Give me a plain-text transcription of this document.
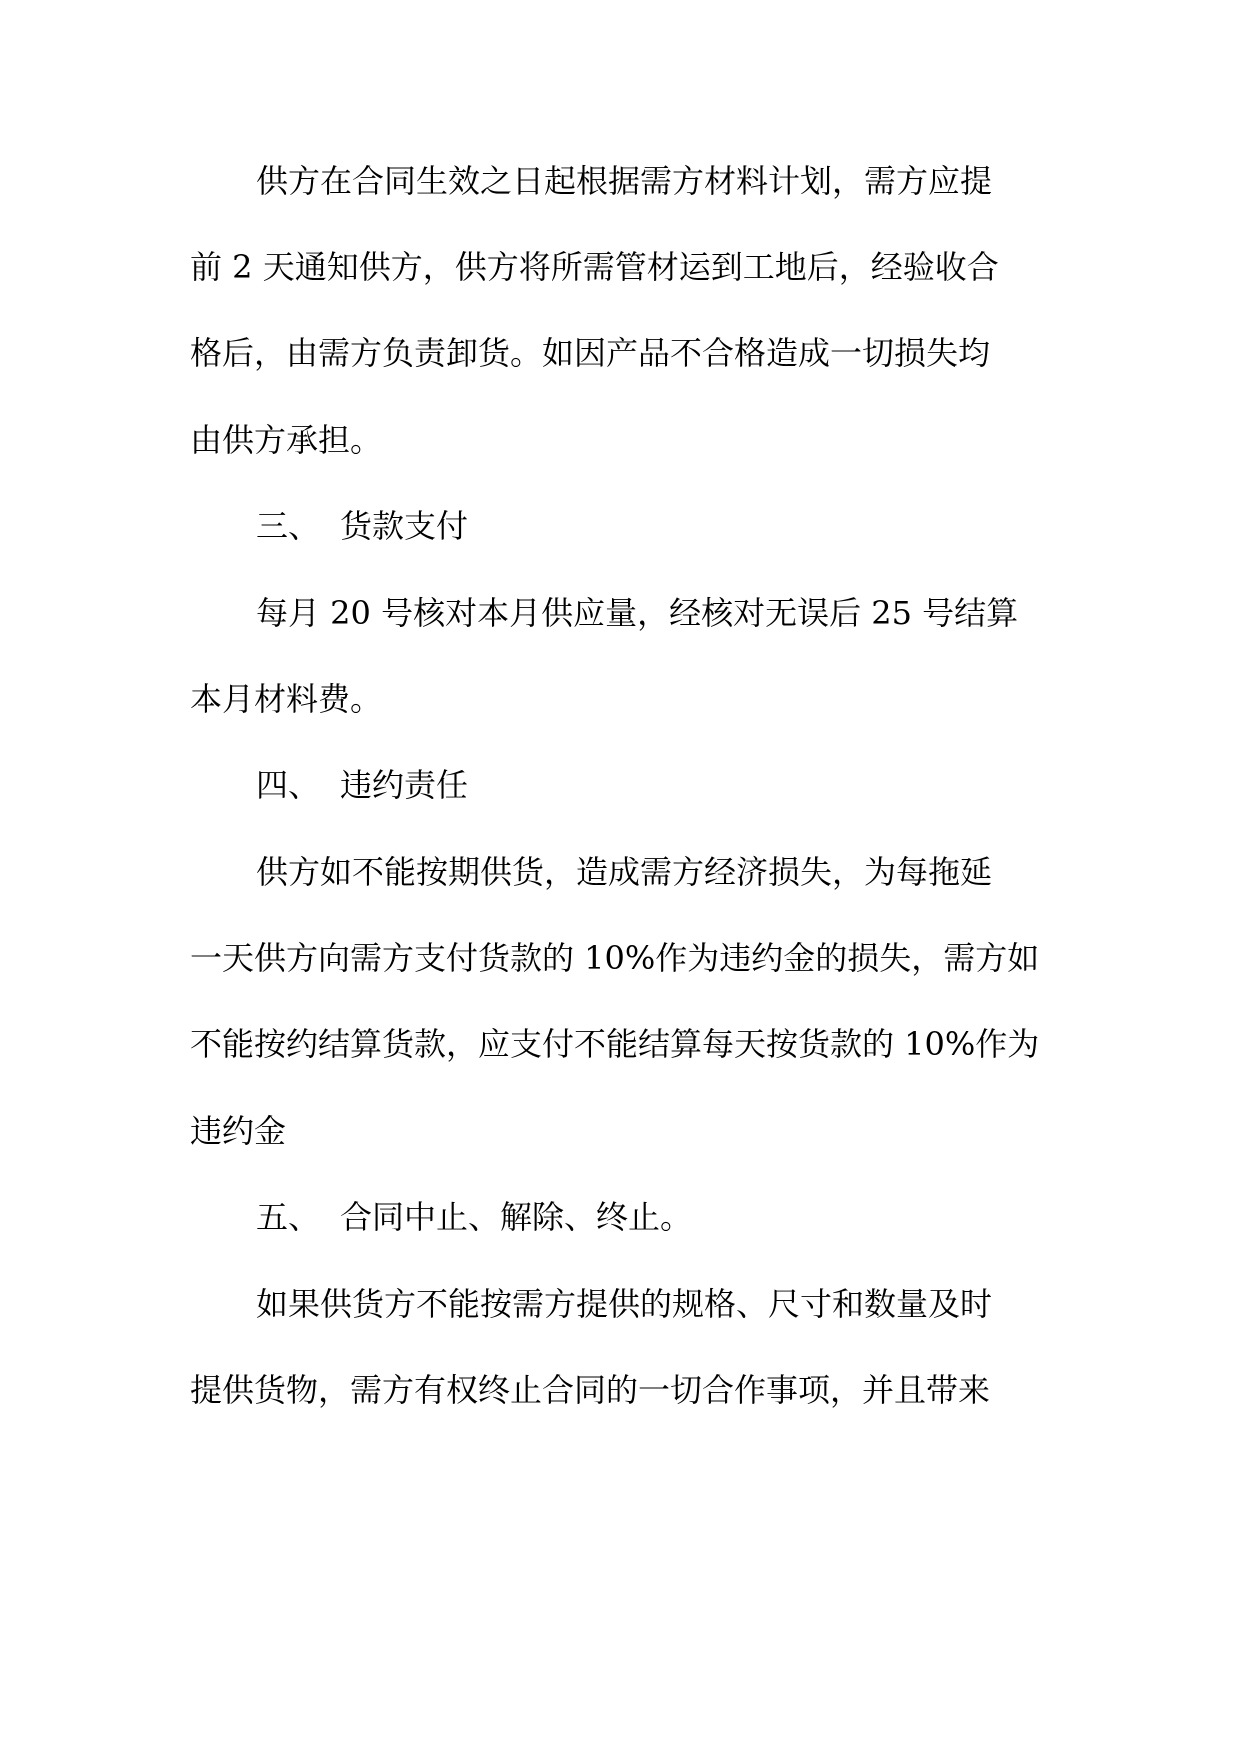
供方在合同生效之日起根据需方材料计划，需方应提

前 2 天通知供方，供方将所需管材运到工地后，经验收合

格后，由需方负责卸货。如因产品不合格造成一切损失均

由供方承担。

三、 货款支付

每月 20 号核对本月供应量，经核对无误后 25 号结算

本月材料费。

四、 违约责任

供方如不能按期供货，造成需方经济损失，为每拖延

一天供方向需方支付货款的 10%作为违约金的损失，需方如

不能按约结算货款，应支付不能结算每天按货款的 10%作为

违约金

五、 合同中止、解除、终止。

如果供货方不能按需方提供的规格、尺寸和数量及时

提供货物，需方有权终止合同的一切合作事项，并且带来
